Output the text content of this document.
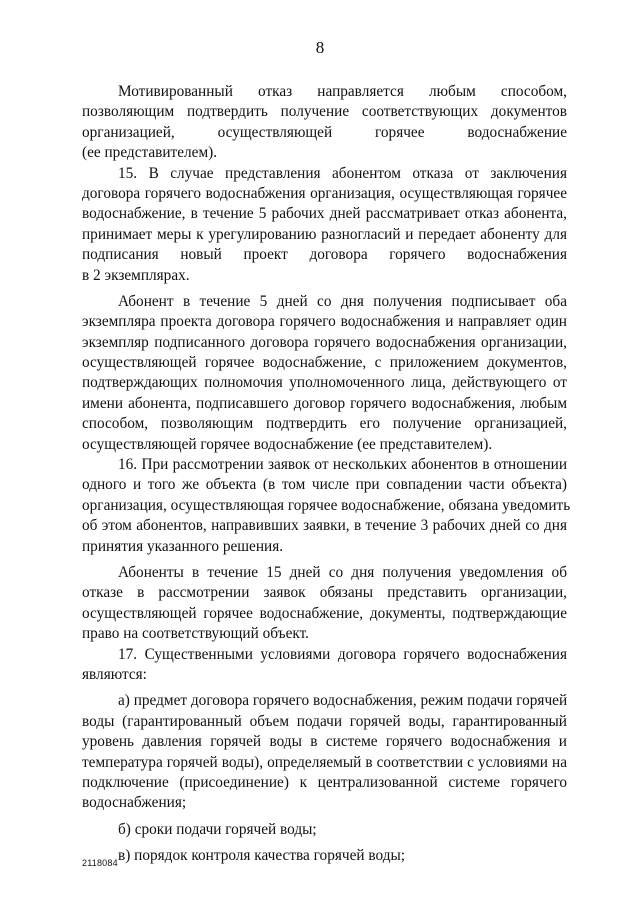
8
Мотивированный отказ направляется любым способом,
позволяющим подтвердить получение соответствующих документов
организацией, осуществляющей горячее водоснабжение
(ее представителем).
15. В случае представления абонентом отказа от заключения
договора горячего водоснабжения организация, осуществляющая горячее
водоснабжение, в течение 5 рабочих дней рассматривает отказ абонента,
принимает меры к урегулированию разногласий и передает абоненту для
подписания новый проект договора горячего водоснабжения
в 2 экземплярах.
Абонент в течение 5 дней со дня получения подписывает оба
экземпляра проекта договора горячего водоснабжения и направляет один
экземпляр подписанного договора горячего водоснабжения организации,
осуществляющей горячее водоснабжение, с приложением документов,
подтверждающих полномочия уполномоченного лица, действующего от
имени абонента, подписавшего договор горячего водоснабжения, любым
способом, позволяющим подтвердить его получение организацией,
осуществляющей горячее водоснабжение (ее представителем).
16. При рассмотрении заявок от нескольких абонентов в отношении
одного и того же объекта (в том числе при совпадении части объекта)
организация, осуществляющая горячее водоснабжение, обязана уведомить
об этом абонентов, направивших заявки, в течение 3 рабочих дней со дня
принятия указанного решения.
Абоненты в течение 15 дней со дня получения уведомления об
отказе в рассмотрении заявок обязаны представить организации,
осуществляющей горячее водоснабжение, документы, подтверждающие
право на соответствующий объект.
17. Существенными условиями договора горячего водоснабжения
являются:
а) предмет договора горячего водоснабжения, режим подачи горячей
воды (гарантированный объем подачи горячей воды, гарантированный
уровень давления горячей воды в системе горячего водоснабжения и
температура горячей воды), определяемый в соответствии с условиями на
подключение (присоединение) к централизованной системе горячего
водоснабжения;
б) сроки подачи горячей воды;
в) порядок контроля качества горячей воды;
2118084
